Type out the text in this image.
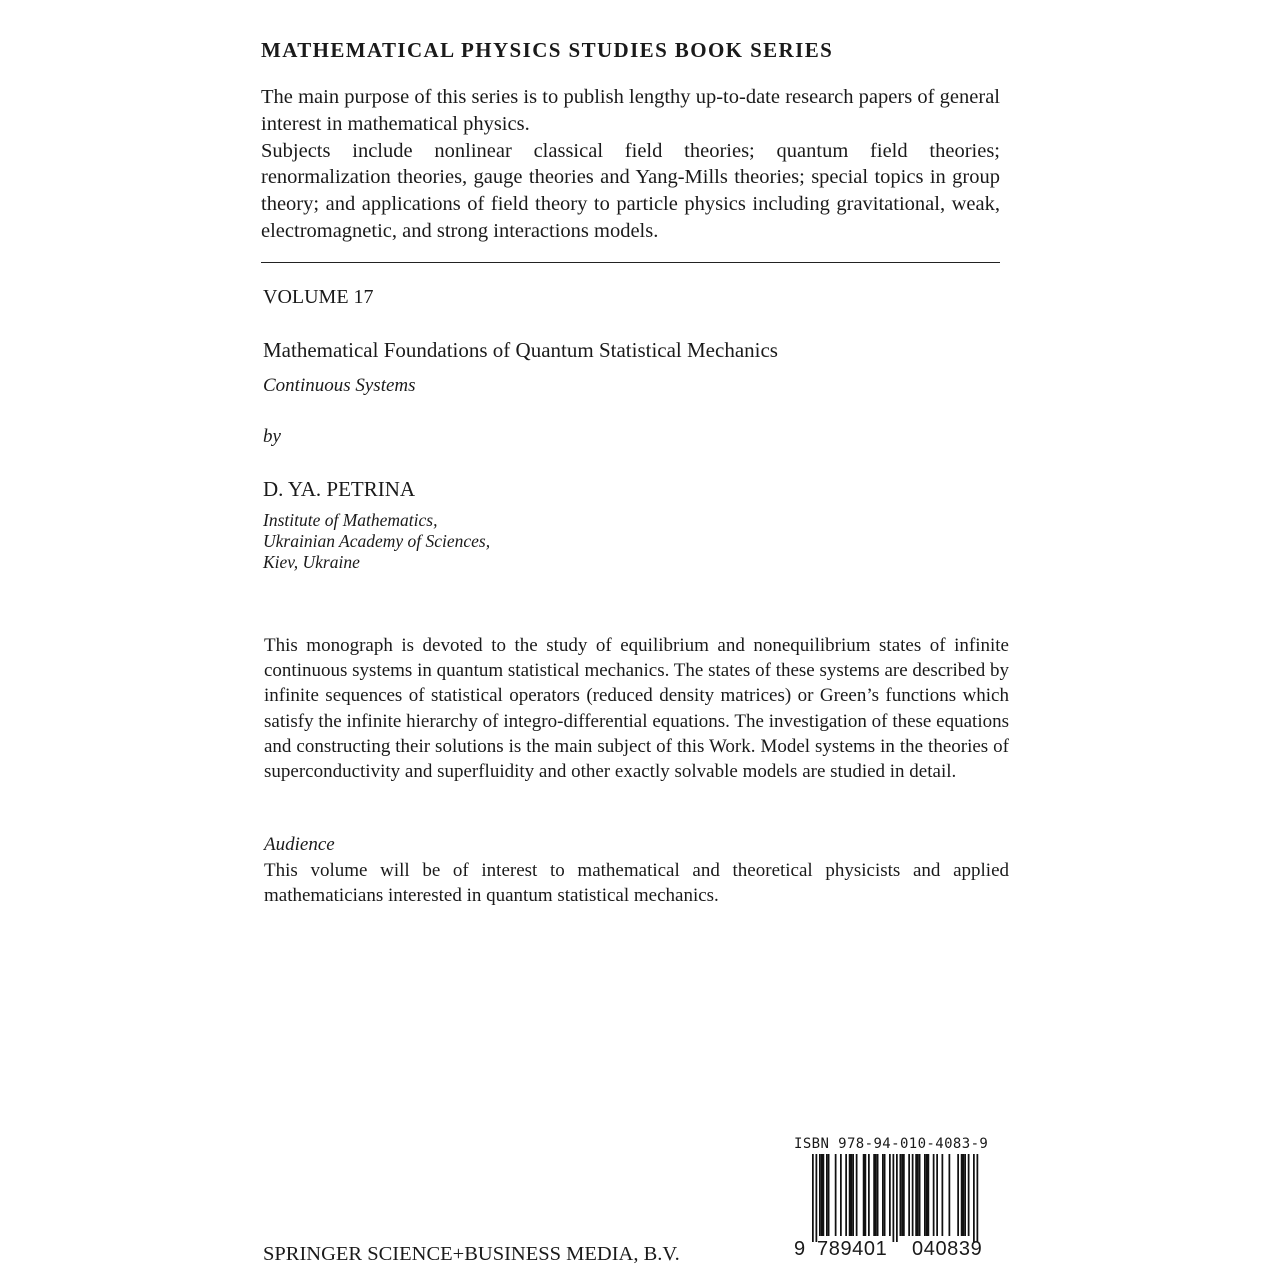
MATHEMATICAL PHYSICS STUDIES BOOK SERIES

The main purpose of this series is to publish lengthy up-to-date research papers of general interest in mathematical physics.

Subjects include nonlinear classical field theories; quantum field theories; renormalization theories, gauge theories and Yang-Mills theories; special topics in group theory; and applications of field theory to particle physics including gravitational, weak, electromagnetic, and strong interactions models.

VOLUME 17
Mathematical Foundations of Quantum Statistical Mechanics
Continuous Systems
by
D. YA. PETRINA
Institute of Mathematics,
Ukrainian Academy of Sciences,
Kiev, Ukraine

This monograph is devoted to the study of equilibrium and nonequilibrium states of infinite continuous systems in quantum statistical mechanics. The states of these systems are described by infinite sequences of statistical operators (reduced density matrices) or Green’s functions which satisfy the infinite hierarchy of integro-differential equations. The investigation of these equations and constructing their solutions is the main subject of this Work. Model systems in the theories of superconductivity and superfluidity and other exactly solvable models are studied in detail.

Audience

This volume will be of interest to mathematical and theoretical physicists and applied mathematicians interested in quantum statistical mechanics.

SPRINGER SCIENCE+BUSINESS MEDIA, B.V.
ISBN 978-94-010-4083-9
9 789401 040839
